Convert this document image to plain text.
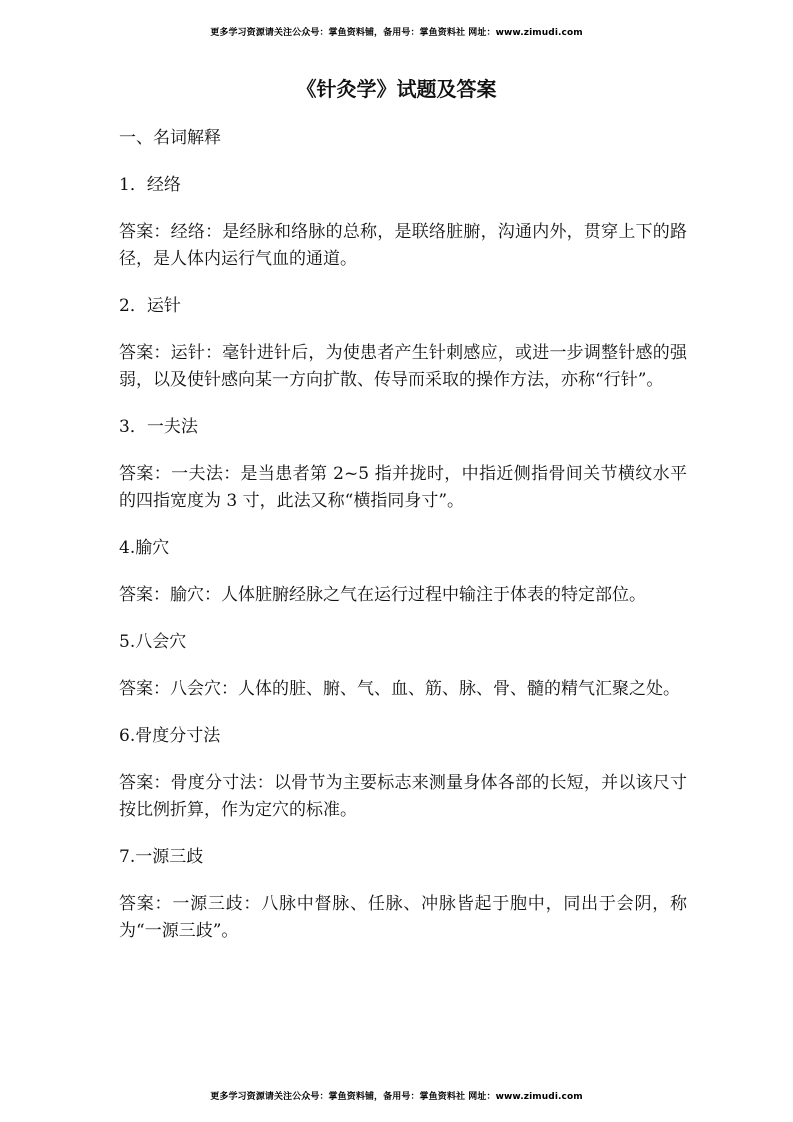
更多学习资源请关注公众号：掌鱼资料铺，备用号：掌鱼资料社 网址：www.zimudi.com
《针灸学》试题及答案

一、名词解释

1．经络

答案：经络：是经脉和络脉的总称，是联络脏腑，沟通内外，贯穿上下的路径，是人体内运行气血的通道。

2．运针

答案：运针：毫针进针后，为使患者产生针刺感应，或进一步调整针感的强弱，以及使针感向某一方向扩散、传导而采取的操作方法，亦称“行针”。

3．一夫法

答案：一夫法：是当患者第 2~5 指并拢时，中指近侧指骨间关节横纹水平的四指宽度为 3 寸，此法又称“横指同身寸”。

4.腧穴

答案：腧穴：人体脏腑经脉之气在运行过程中输注于体表的特定部位。

5.八会穴

答案：八会穴：人体的脏、腑、气、血、筋、脉、骨、髓的精气汇聚之处。

6.骨度分寸法

答案：骨度分寸法：以骨节为主要标志来测量身体各部的长短，并以该尺寸按比例折算，作为定穴的标准。

7.一源三歧

答案：一源三歧：八脉中督脉、任脉、冲脉皆起于胞中，同出于会阴，称为“一源三歧”。

更多学习资源请关注公众号：掌鱼资料铺，备用号：掌鱼资料社 网址：www.zimudi.com
